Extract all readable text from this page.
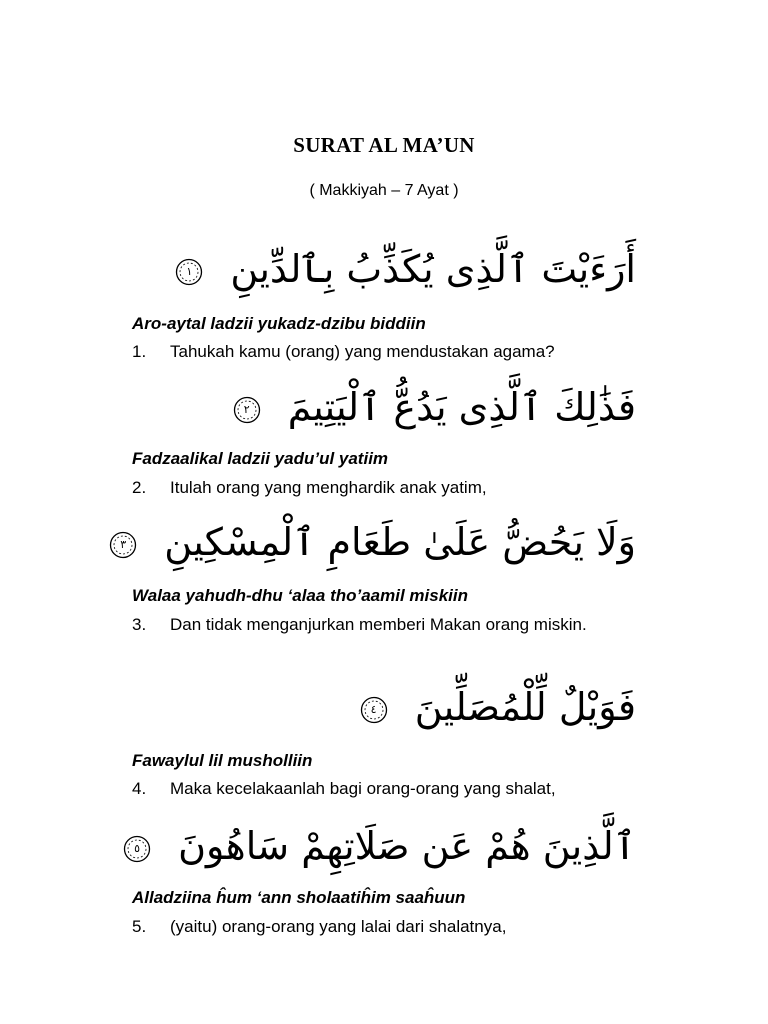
SURAT AL MA’UN
( Makkiyah – 7 Ayat )
أَرَءَيْتَ ٱلَّذِى يُكَذِّبُ بِٱلدِّينِ
١
Aro-aytal ladzii yukadz-dzibu biddiin
1. Tahukah kamu (orang) yang mendustakan agama?
فَذَٰلِكَ ٱلَّذِى يَدُعُّ ٱلْيَتِيمَ
٢
Fadzaalikal ladzii yadu’ul yatiim
2. Itulah orang yang menghardik anak yatim,
وَلَا يَحُضُّ عَلَىٰ طَعَامِ ٱلْمِسْكِينِ
٣
Walaa yahudh-dhu ‘alaa tho’aamil miskiin
3. Dan tidak menganjurkan memberi Makan orang miskin.
فَوَيْلٌ لِّلْمُصَلِّينَ
٤
Fawaylul lil musholliin
4. Maka kecelakaanlah bagi orang-orang yang shalat,
ٱلَّذِينَ هُمْ عَن صَلَاتِهِمْ سَاهُونَ
٥
Alladziina ĥum ‘ann sholaatiĥim saaĥuun
5. (yaitu) orang-orang yang lalai dari shalatnya,
